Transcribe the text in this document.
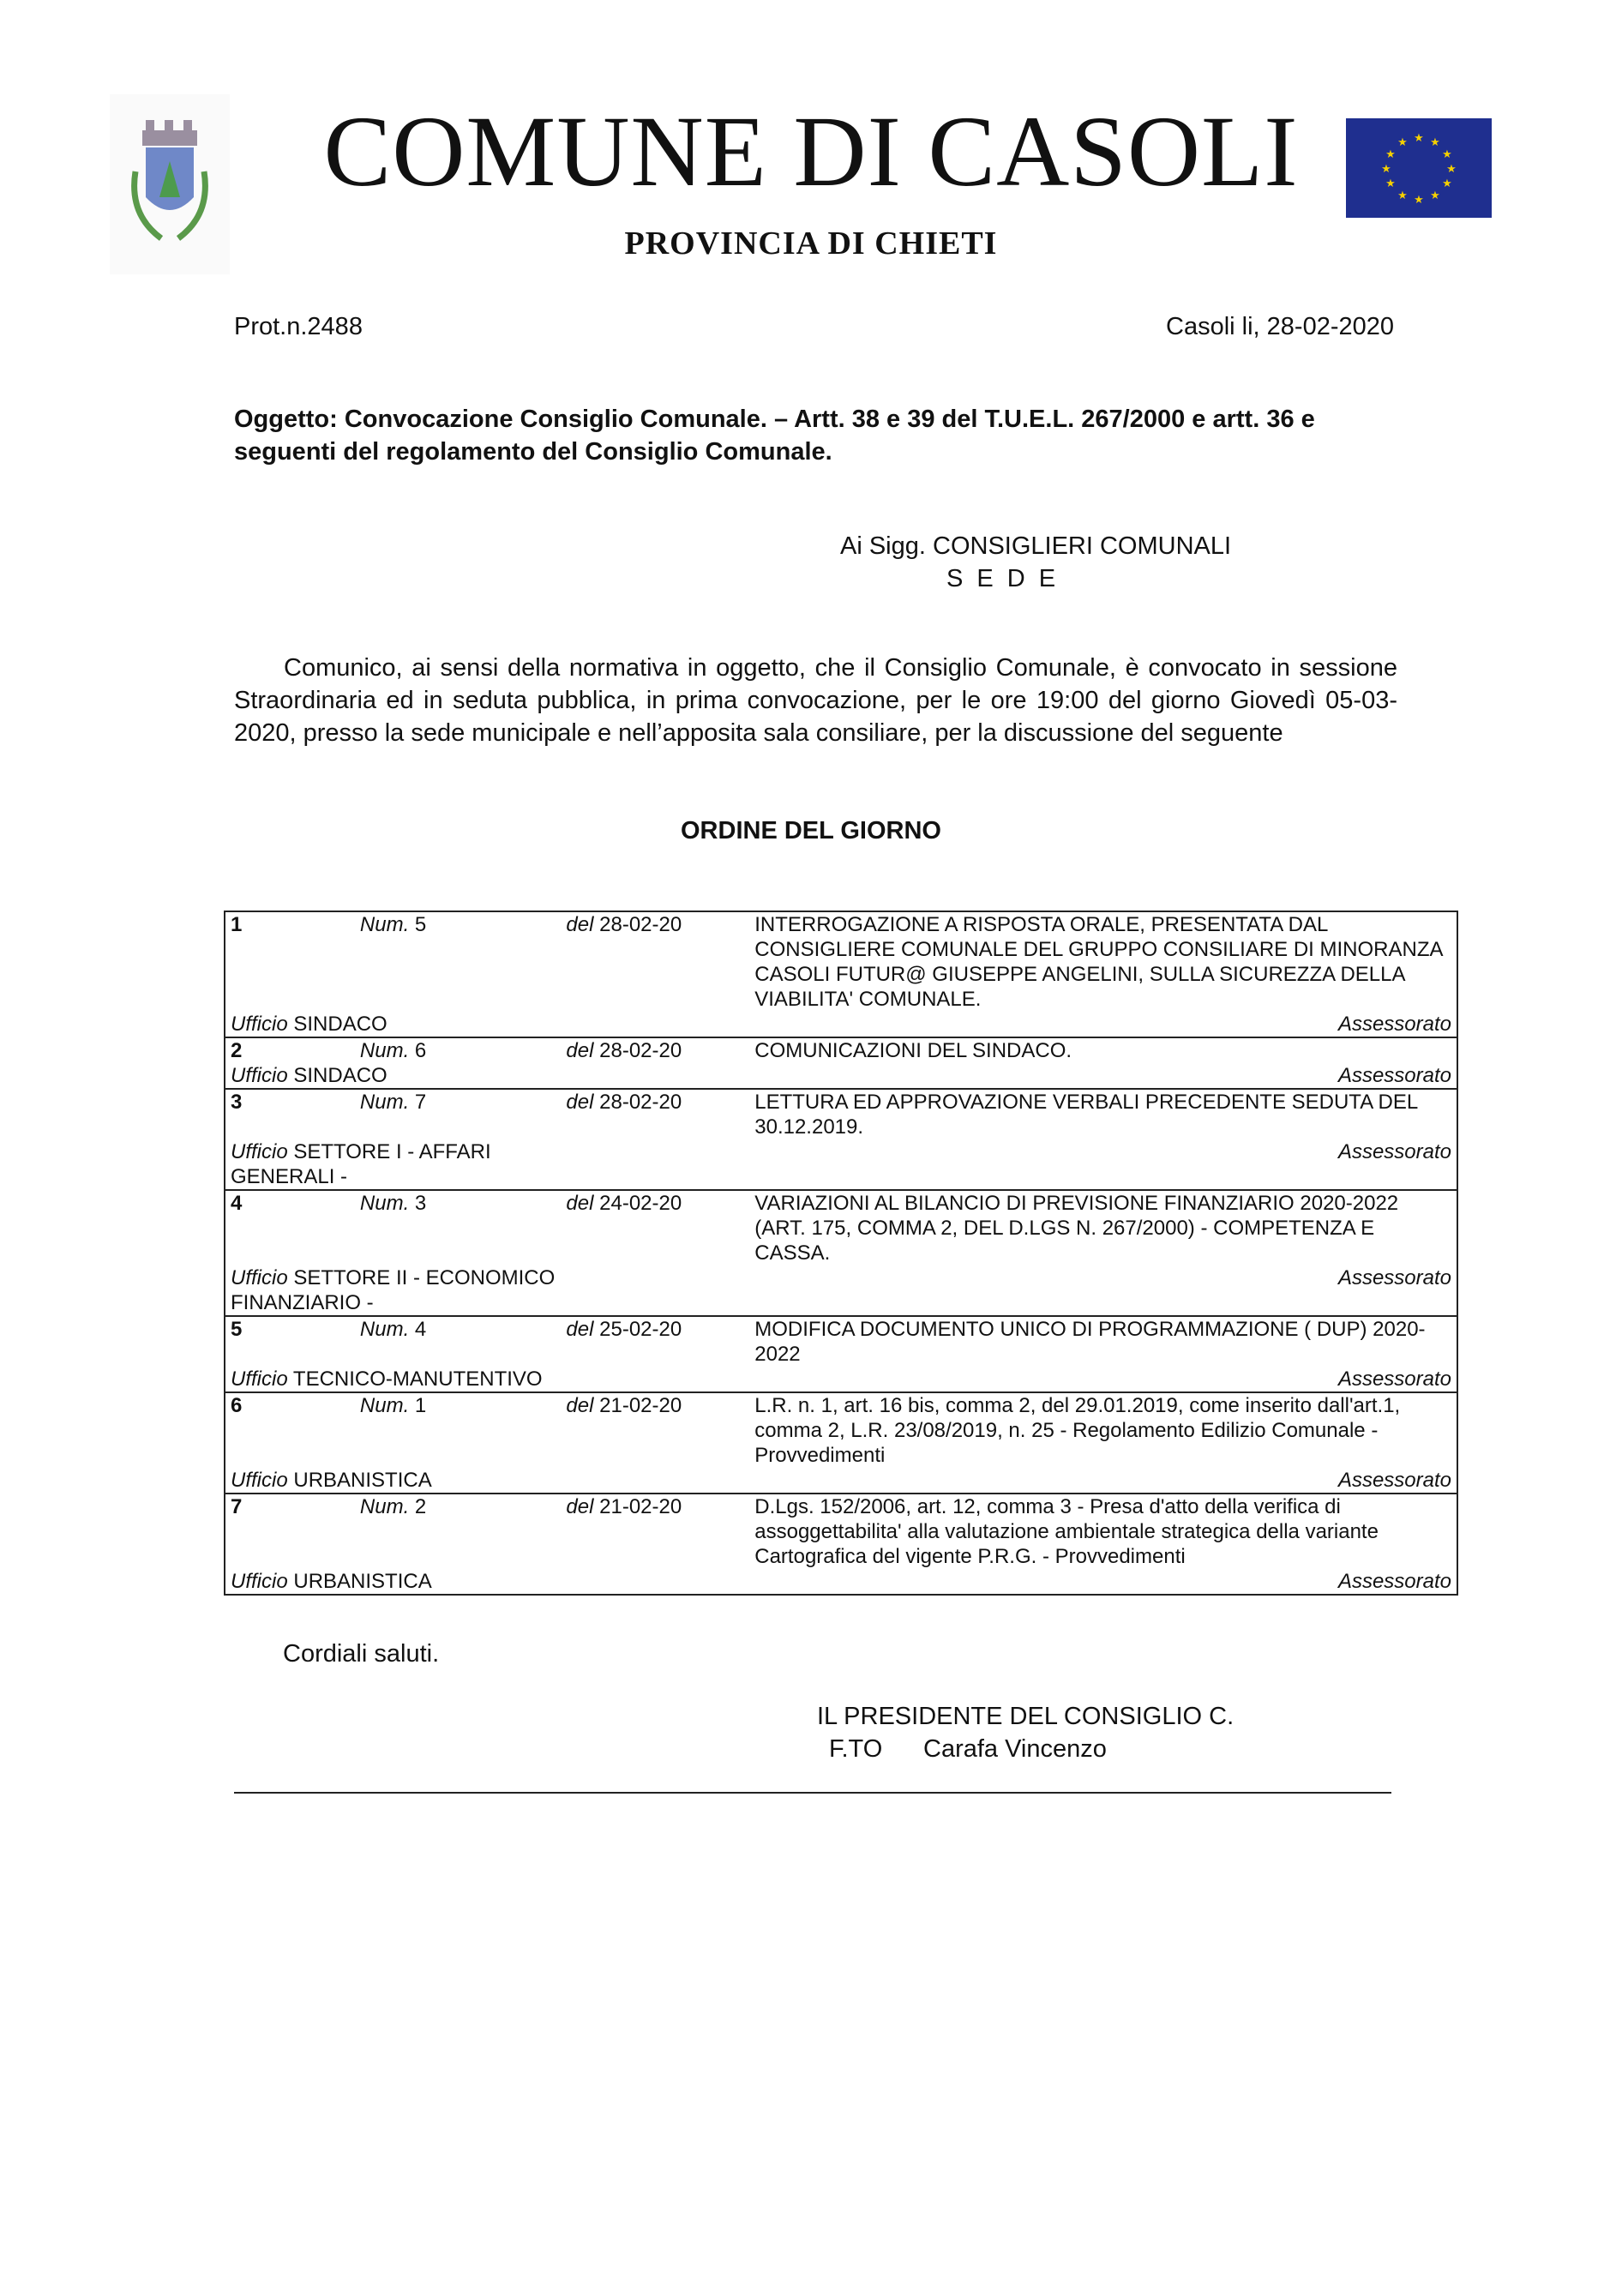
COMUNE DI CASOLI
PROVINCIA DI CHIETI
★ ★
★
★
★
★
★
★
★
★
★
★
Prot.n.2488	Casoli li, 28-02-2020
Oggetto: Convocazione Consiglio Comunale. – Artt. 38 e 39 del T.U.E.L. 267/2000 e artt. 36 e seguenti del regolamento del Consiglio Comunale.
Ai Sigg. CONSIGLIERI COMUNALI
S E D E
Comunico, ai sensi della normativa in oggetto, che il Consiglio Comunale, è convocato in sessione Straordinaria ed in seduta pubblica, in prima convocazione, per le ore 19:00 del giorno Giovedì 05-03-2020, presso la sede municipale e nell’apposita sala consiliare, per la discussione del seguente
ORDINE DEL GIORNO
1	Num. 5	del 28-02-20	INTERROGAZIONE A RISPOSTA ORALE, PRESENTATA DAL CONSIGLIERE COMUNALE DEL GRUPPO CONSILIARE DI MINORANZA CASOLI FUTUR@ GIUSEPPE ANGELINI, SULLA SICUREZZA DELLA VIABILITA' COMUNALE.
Ufficio SINDACO			Assessorato
2	Num. 6	del 28-02-20	COMUNICAZIONI DEL SINDACO.
Ufficio SINDACO			Assessorato
3	Num. 7	del 28-02-20	LETTURA ED APPROVAZIONE VERBALI PRECEDENTE SEDUTA DEL 30.12.2019.
Ufficio SETTORE I - AFFARI GENERALI -			Assessorato
4	Num. 3	del 24-02-20	VARIAZIONI AL BILANCIO DI PREVISIONE FINANZIARIO 2020-2022 (ART. 175, COMMA 2, DEL D.LGS N. 267/2000) - COMPETENZA E CASSA.
Ufficio SETTORE II - ECONOMICO FINANZIARIO -			Assessorato
5	Num. 4	del 25-02-20	MODIFICA DOCUMENTO UNICO DI PROGRAMMAZIONE ( DUP) 2020-2022
Ufficio TECNICO-MANUTENTIVO			Assessorato
6	Num. 1	del 21-02-20	L.R. n. 1, art. 16 bis, comma 2, del 29.01.2019, come inserito dall'art.1, comma 2, L.R. 23/08/2019, n. 25 - Regolamento Edilizio Comunale - Provvedimenti
Ufficio URBANISTICA			Assessorato
7	Num. 2	del 21-02-20	D.Lgs. 152/2006, art. 12, comma 3 - Presa d'atto della verifica di assoggettabilita' alla valutazione ambientale strategica della variante Cartografica del vigente P.R.G. - Provvedimenti
Ufficio URBANISTICA			Assessorato
Cordiali saluti.
IL PRESIDENTE DEL CONSIGLIO C.
F.TO Carafa Vincenzo
